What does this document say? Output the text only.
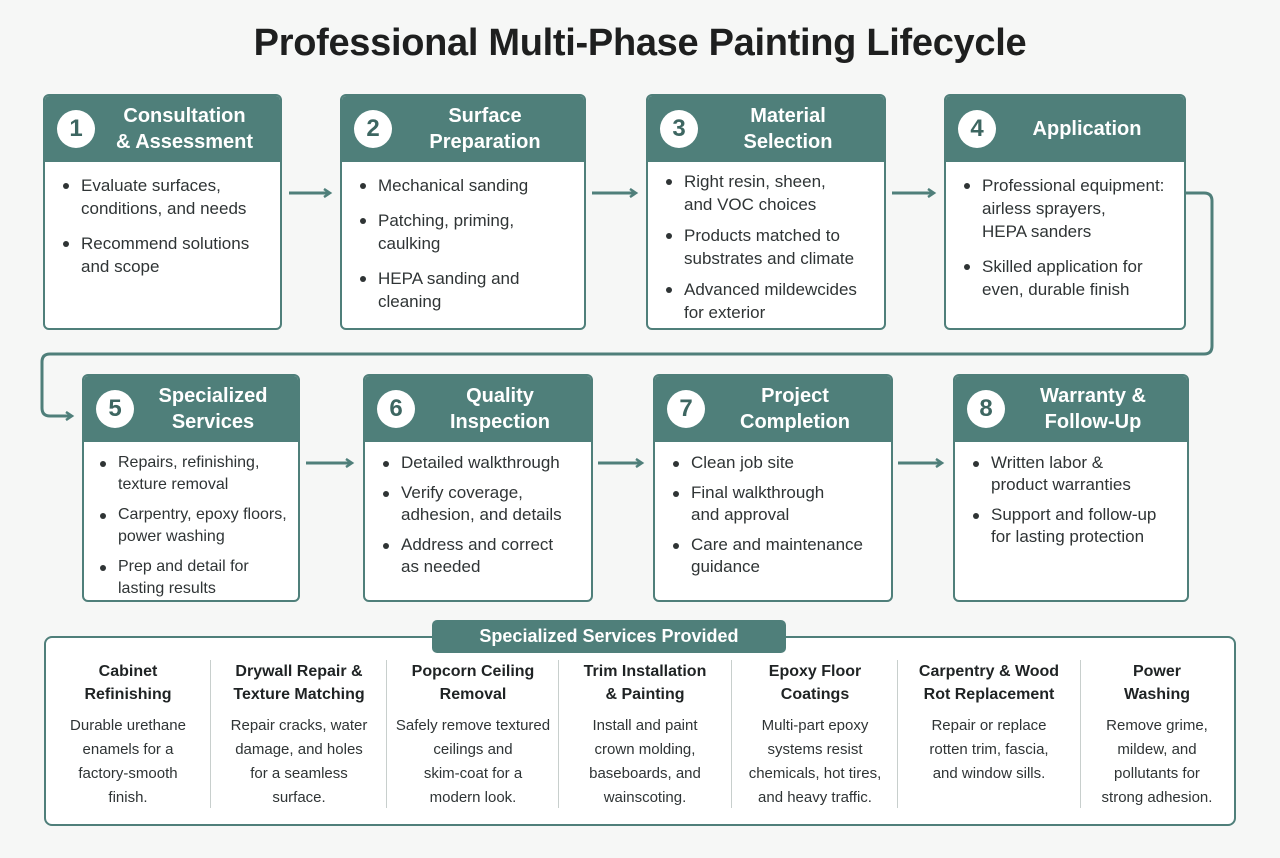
Professional Multi-Phase Painting Lifecycle
1	Consultation
& Assessment
Evaluate surfaces,
conditions, and needs
Recommend solutions
and scope
2	Surface
Preparation
Mechanical sanding
Patching, priming,
caulking
HEPA sanding and
cleaning
3	Material
Selection
Right resin, sheen,
and VOC choices
Products matched to
substrates and climate
Advanced mildewcides
for exterior
4	Application
Professional equipment:
airless sprayers,
HEPA sanders
Skilled application for
even, durable finish
5	Specialized
Services
Repairs, refinishing,
texture removal
Carpentry, epoxy floors,
power washing
Prep and detail for
lasting results
6	Quality
Inspection
Detailed walkthrough
Verify coverage,
adhesion, and details
Address and correct
as needed
7	Project
Completion
Clean job site
Final walkthrough
and approval
Care and maintenance
guidance
8	Warranty &
Follow-Up
Written labor &
product warranties
Support and follow-up
for lasting protection
Specialized Services Provided
Cabinet
Refinishing
Durable urethane
enamels for a
factory-smooth
finish.
Drywall Repair &
Texture Matching
Repair cracks, water
damage, and holes
for a seamless
surface.
Popcorn Ceiling
Removal
Safely remove textured
ceilings and
skim-coat for a
modern look.
Trim Installation
& Painting
Install and paint
crown molding,
baseboards, and
wainscoting.
Epoxy Floor
Coatings
Multi-part epoxy
systems resist
chemicals, hot tires,
and heavy traffic.
Carpentry & Wood
Rot Replacement
Repair or replace
rotten trim, fascia,
and window sills.
Power
Washing
Remove grime,
mildew, and
pollutants for
strong adhesion.
